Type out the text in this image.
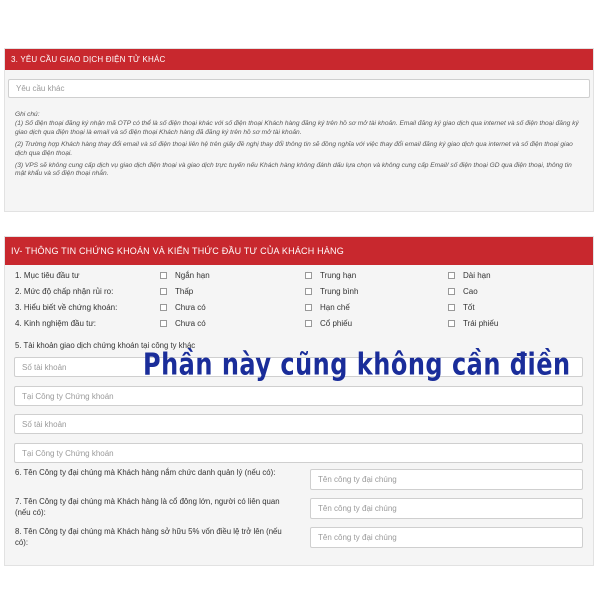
3. YÊU CẦU GIAO DỊCH ĐIỆN TỬ KHÁC
Yêu cầu khác
Ghi chú:

(1) Số điện thoại đăng ký nhận mã OTP có thể là số điện thoại khác với số điện thoại Khách hàng đăng ký trên hồ sơ mở tài khoản. Email đăng ký giao dịch qua internet và số điện thoại đăng ký giao dịch qua điện thoại là email và số điện thoại Khách hàng đã đăng ký trên hồ sơ mở tài khoản.

(2) Trường hợp Khách hàng thay đổi email và số điện thoại liên hệ trên giấy đề nghị thay đổi thông tin sẽ đồng nghĩa với việc thay đổi email đăng ký giao dịch qua internet và số điện thoại giao dịch qua điện thoại.

(3) VPS sẽ không cung cấp dịch vụ giao dịch điện thoại và giao dịch trực tuyến nếu Khách hàng không đánh dấu lựa chọn và không cung cấp Email/ số điện thoại GD qua điện thoại, thông tin mật khẩu và số điện thoại nhắn.

IV- THÔNG TIN CHỨNG KHOÁN VÀ KIẾN THỨC ĐẦU TƯ CỦA KHÁCH HÀNG
1. Mục tiêu đầu tư	Ngắn hạn	Trung hạn	Dài hạn
2. Mức độ chấp nhận rủi ro:	Thấp	Trung bình	Cao
3. Hiểu biết về chứng khoán:	Chưa có	Hạn chế	Tốt
4. Kinh nghiệm đầu tư:	Chưa có	Cổ phiếu	Trái phiếu
5. Tài khoản giao dịch chứng khoán tại công ty khác
Số tài khoản
Tại Công ty Chứng khoán
Số tài khoản
Tại Công ty Chứng khoán
6. Tên Công ty đại chúng mà Khách hàng nắm chức danh quản lý (nếu có):
Tên công ty đại chúng
7. Tên Công ty đại chúng mà Khách hàng là cổ đông lớn, người có liên quan (nếu có):	Tên công ty đại chúng
8. Tên Công ty đại chúng mà Khách hàng sở hữu 5% vốn điều lệ trở lên (nếu có):	Tên công ty đại chúng
Phần này cũng không cần điền
